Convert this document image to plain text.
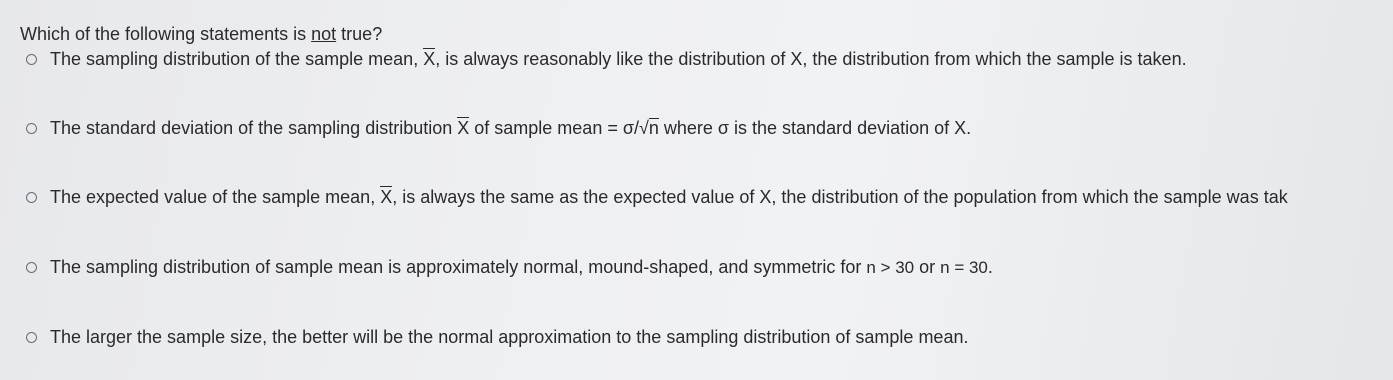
Which of the following statements is not true?
The sampling distribution of the sample mean, X, is always reasonably like the distribution of X, the distribution from which the sample is taken.
The standard deviation of the sampling distribution X of sample mean = σ/√n where σ is the standard deviation of X.
The expected value of the sample mean, X, is always the same as the expected value of X, the distribution of the population from which the sample was tak
The sampling distribution of sample mean is approximately normal, mound-shaped, and symmetric for n > 30 or n = 30.
The larger the sample size, the better will be the normal approximation to the sampling distribution of sample mean.
